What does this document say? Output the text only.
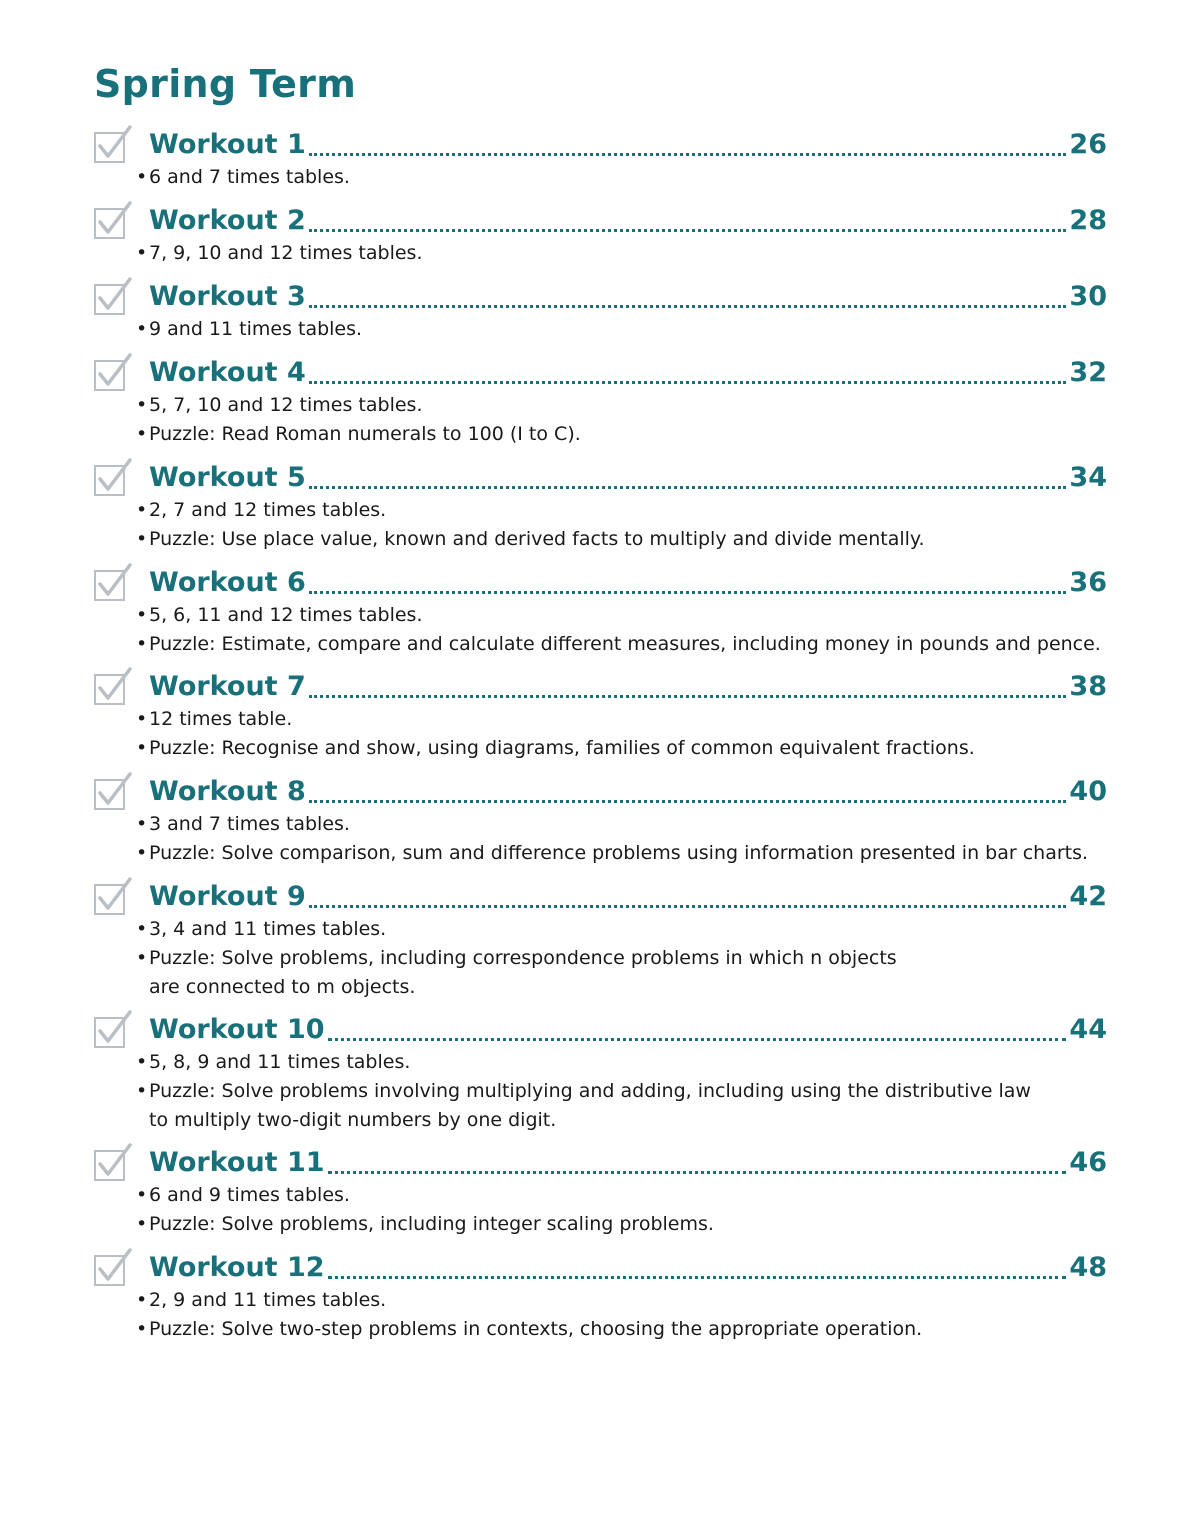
Spring Term
Workout 1	26
•6 and 7 times tables.
Workout 2	28
•7, 9, 10 and 12 times tables.
Workout 3	30
•9 and 11 times tables.
Workout 4	32
•5, 7, 10 and 12 times tables.
•Puzzle: Read Roman numerals to 100 (I to C).
Workout 5	34
•2, 7 and 12 times tables.
•Puzzle: Use place value, known and derived facts to multiply and divide mentally.
Workout 6	36
•5, 6, 11 and 12 times tables.
•Puzzle: Estimate, compare and calculate different measures, including money in pounds and pence.
Workout 7	38
•12 times table.
•Puzzle: Recognise and show, using diagrams, families of common equivalent fractions.
Workout 8	40
•3 and 7 times tables.
•Puzzle: Solve comparison, sum and difference problems using information presented in bar charts.
Workout 9	42
•3, 4 and 11 times tables.
•Puzzle: Solve problems, including correspondence problems in which n objects
are connected to m objects.
Workout 10	44
•5, 8, 9 and 11 times tables.
•Puzzle: Solve problems involving multiplying and adding, including using the distributive law
to multiply two-digit numbers by one digit.
Workout 11	46
•6 and 9 times tables.
•Puzzle: Solve problems, including integer scaling problems.
Workout 12	48
•2, 9 and 11 times tables.
•Puzzle: Solve two-step problems in contexts, choosing the appropriate operation.
